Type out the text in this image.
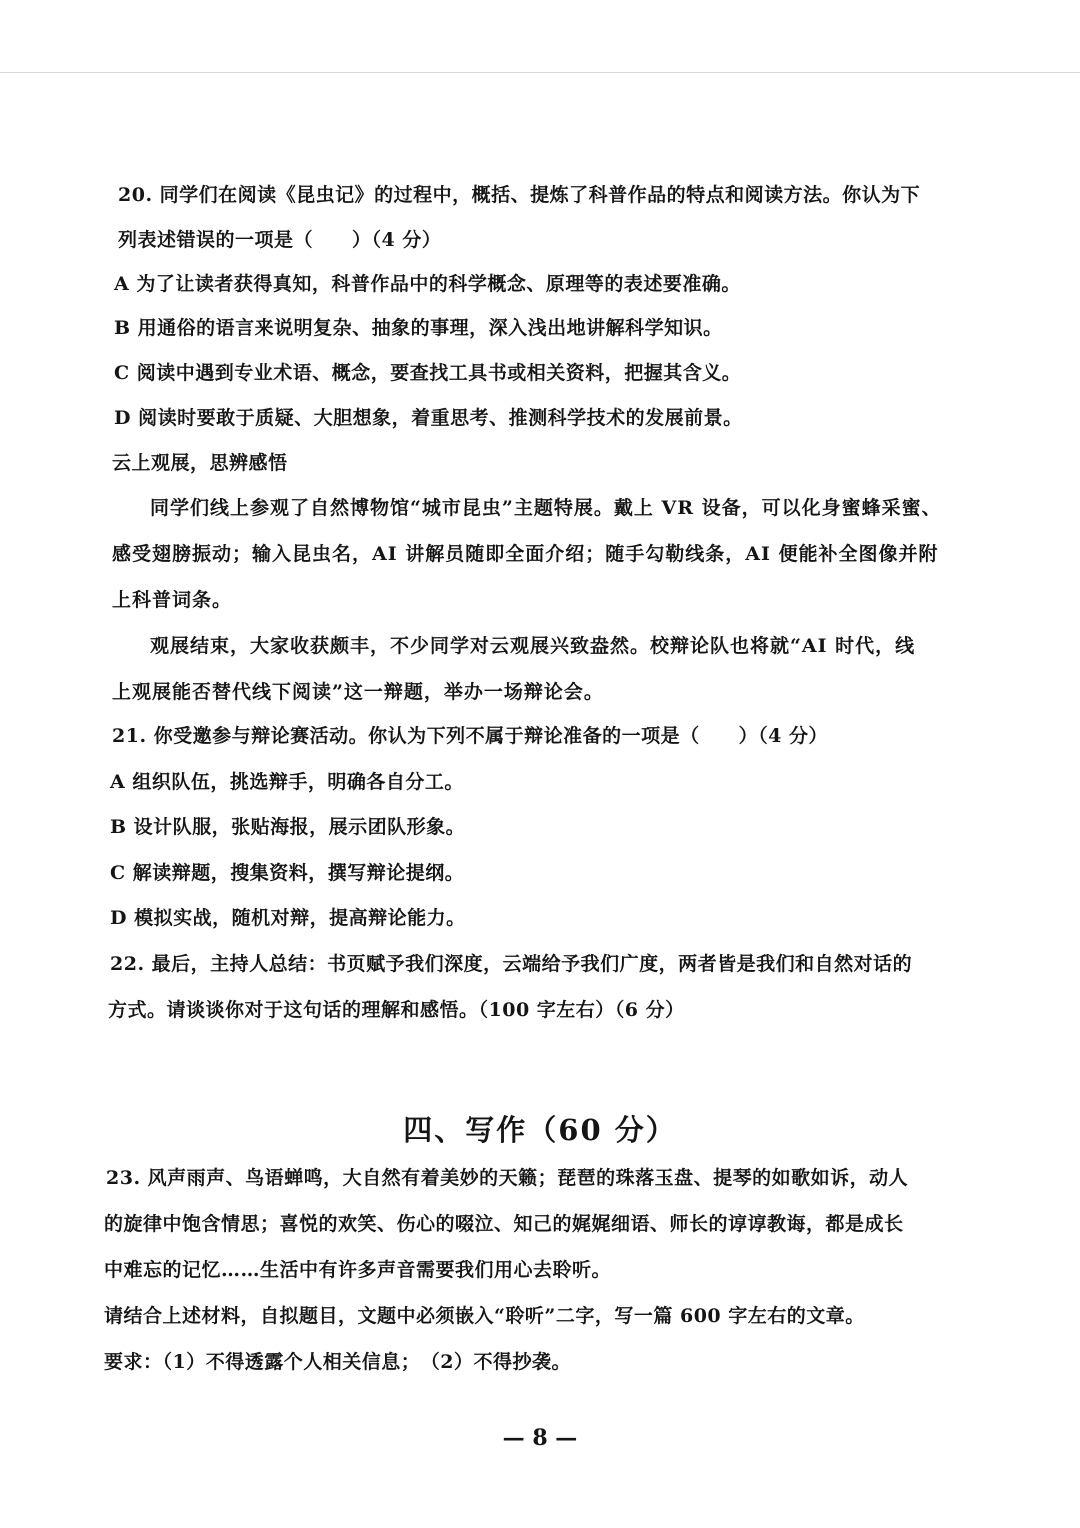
20. 同学们在阅读《昆虫记》的过程中，概括、提炼了科普作品的特点和阅读方法。你认为下
列表述错误的一项是（　　）（4 分）
A 为了让读者获得真知，科普作品中的科学概念、原理等的表述要准确。
B 用通俗的语言来说明复杂、抽象的事理，深入浅出地讲解科学知识。
C 阅读中遇到专业术语、概念，要查找工具书或相关资料，把握其含义。
D 阅读时要敢于质疑、大胆想象，着重思考、推测科学技术的发展前景。
云上观展，思辨感悟
同学们线上参观了自然博物馆“城市昆虫”主题特展。戴上 VR 设备，可以化身蜜蜂采蜜、
感受翅膀振动；输入昆虫名，AI 讲解员随即全面介绍；随手勾勒线条，AI 便能补全图像并附
上科普词条。
观展结束，大家收获颇丰，不少同学对云观展兴致盎然。校辩论队也将就“AI 时代，线
上观展能否替代线下阅读”这一辩题，举办一场辩论会。
21. 你受邀参与辩论赛活动。你认为下列不属于辩论准备的一项是（　　）（4 分）
A 组织队伍，挑选辩手，明确各自分工。
B 设计队服，张贴海报，展示团队形象。
C 解读辩题，搜集资料，撰写辩论提纲。
D 模拟实战，随机对辩，提高辩论能力。
22. 最后，主持人总结：书页赋予我们深度，云端给予我们广度，两者皆是我们和自然对话的
方式。请谈谈你对于这句话的理解和感悟。（100 字左右）（6 分）
四、写作（60 分）
23. 风声雨声、鸟语蝉鸣，大自然有着美妙的天籁；琵琶的珠落玉盘、提琴的如歌如诉，动人
的旋律中饱含情思；喜悦的欢笑、伤心的啜泣、知己的娓娓细语、师长的谆谆教诲，都是成长
中难忘的记忆……生活中有许多声音需要我们用心去聆听。
请结合上述材料，自拟题目，文题中必须嵌入“聆听”二字，写一篇 600 字左右的文章。
要求：（1）不得透露个人相关信息；　（2）不得抄袭。
— 8 —
